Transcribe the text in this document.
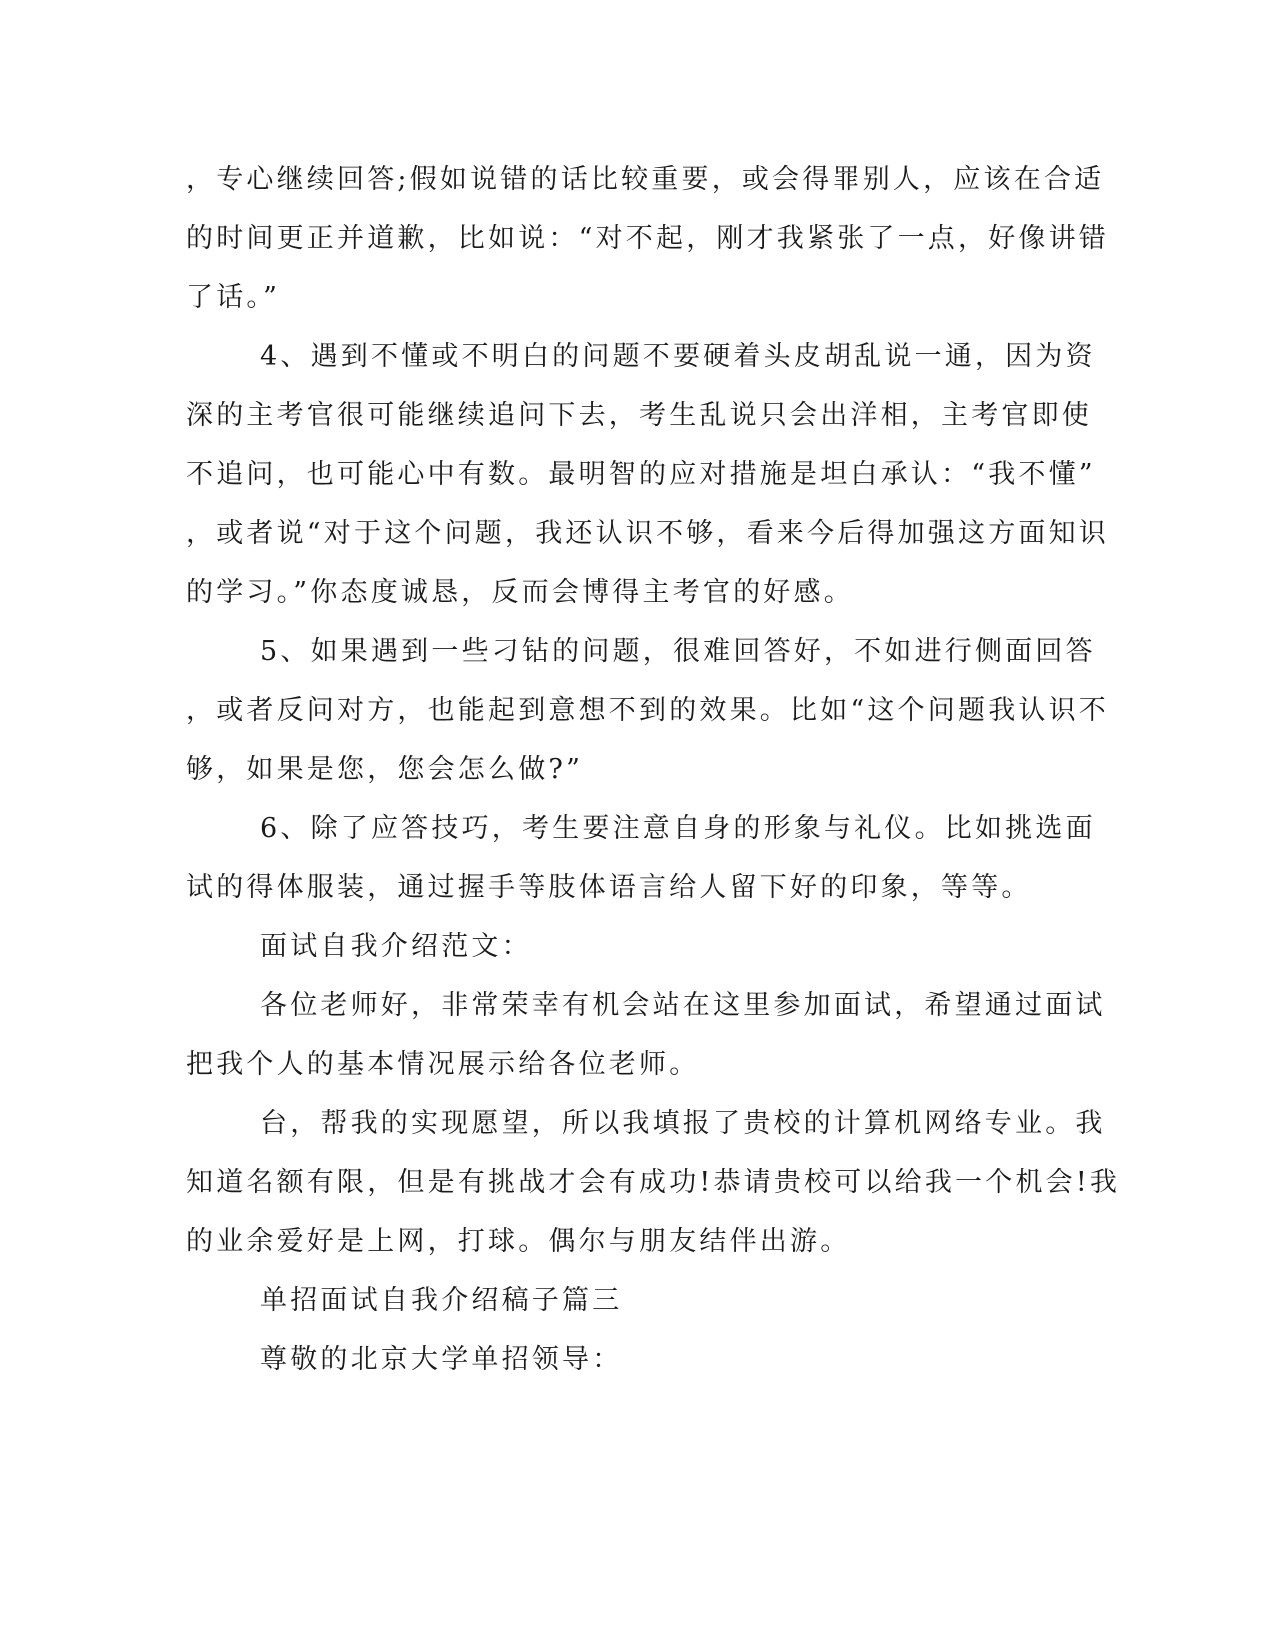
，专心继续回答;假如说错的话比较重要，或会得罪别人，应该在合适
的时间更正并道歉，比如说：“对不起，刚才我紧张了一点，好像讲错
了话。”
4、遇到不懂或不明白的问题不要硬着头皮胡乱说一通，因为资
深的主考官很可能继续追问下去，考生乱说只会出洋相，主考官即使
不追问，也可能心中有数。最明智的应对措施是坦白承认：“我不懂”
，或者说“对于这个问题，我还认识不够，看来今后得加强这方面知识
的学习。”你态度诚恳，反而会博得主考官的好感。
5、如果遇到一些刁钻的问题，很难回答好，不如进行侧面回答
，或者反问对方，也能起到意想不到的效果。比如“这个问题我认识不
够，如果是您，您会怎么做?”
6、除了应答技巧，考生要注意自身的形象与礼仪。比如挑选面
试的得体服装，通过握手等肢体语言给人留下好的印象，等等。
面试自我介绍范文：
各位老师好，非常荣幸有机会站在这里参加面试，希望通过面试
把我个人的基本情况展示给各位老师。
台，帮我的实现愿望，所以我填报了贵校的计算机网络专业。我
知道名额有限，但是有挑战才会有成功!恭请贵校可以给我一个机会!我
的业余爱好是上网，打球。偶尔与朋友结伴出游。
单招面试自我介绍稿子篇三
尊敬的北京大学单招领导：
